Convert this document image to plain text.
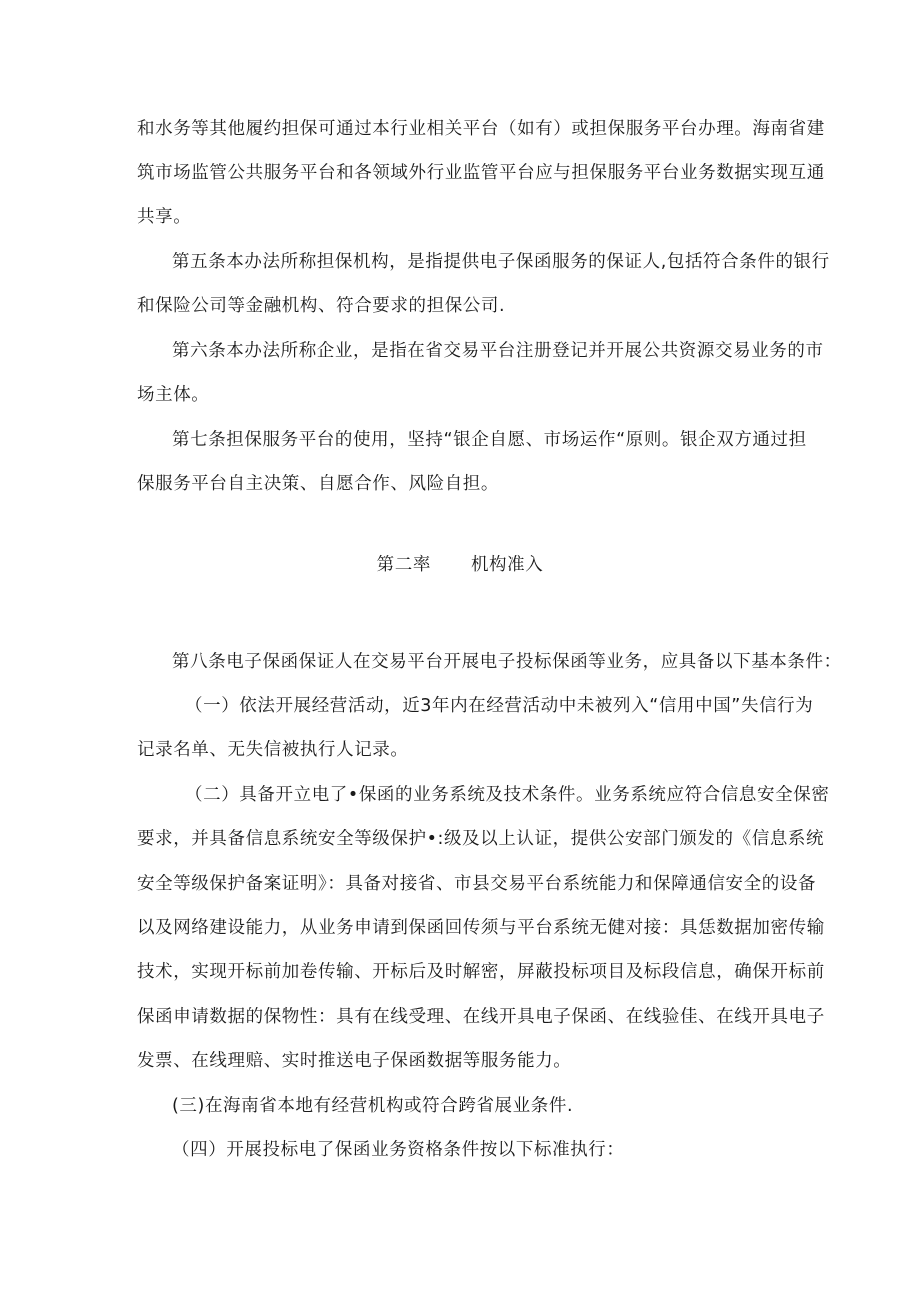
和水务等其他履约担保可通过本行业相关平台（如有）或担保服务平台办理。海南省建
筑市场监管公共服务平台和各领域外行业监管平台应与担保服务平台业务数据实现互通
共享。
第五条本办法所称担保机构，是指提供电子保函服务的保证人,包括符合条件的银行
和保险公司等金融机构、符合要求的担保公司.
第六条本办法所称企业，是指在省交易平台注册登记并开展公共资源交易业务的市
场主体。
第七条担保服务平台的使用，坚持“银企自愿、市场运作“原则。银企双方通过担
保服务平台自主决策、自愿合作、风险自担。
第二率 机构准入
第八条电子保函保证人在交易平台开展电子投标保函等业务，应具备以下基本条件：
（一）依法开展经营活动，近3年内在经营活动中未被列入“信用中国”失信行为
记录名单、无失信被执行人记录。
（二）具备开立电了•保函的业务系统及技术条件。业务系统应符合信息安全保密
要求，并具备信息系统安全等级保护•:级及以上认证，提供公安部门颁发的《信息系统
安全等级保护备案证明》：具备对接省、市县交易平台系统能力和保障通信安全的设备
以及网络建设能力，从业务申请到保函回传须与平台系统无健对接：具恁数据加密传输
技术，实现开标前加卷传输、开标后及时解密，屏蔽投标项目及标段信息，确保开标前
保函申请数据的保物性：具有在线受理、在线开具电子保函、在线验佳、在线开具电子
发票、在线理赔、实时推送电子保函数据等服务能力。
(三)在海南省本地有经营机构或符合跨省展业条件.
（四）开展投标电了保函业务资格条件按以下标准执行：
